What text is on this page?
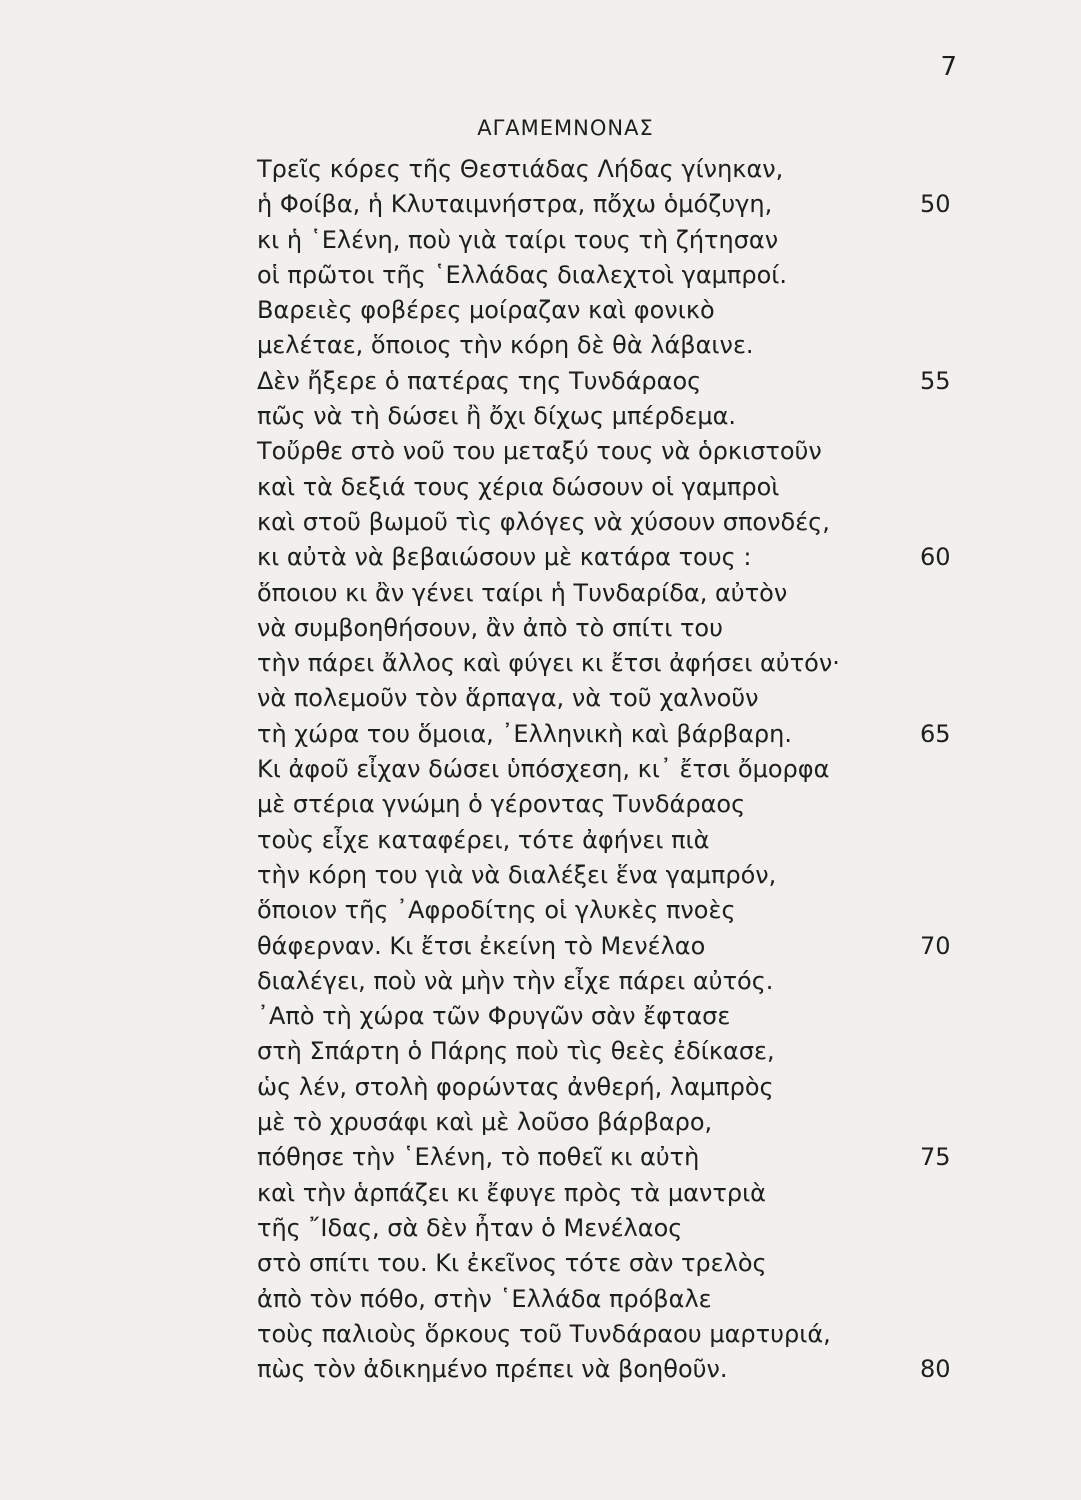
7
ΑΓΑΜΕΜΝΟΝΑΣ
Τρεῖς κόρες τῆς Θεστιάδας Λήδας γίνηκαν,
ἡ Φοίβα, ἡ Κλυταιμνήστρα, πὄχω ὁμόζυγη,	50
κι ἡ ῾Ελένη, ποὺ γιὰ ταίρι τους τὴ ζήτησαν
οἱ πρῶτοι τῆς ῾Ελλάδας διαλεχτοὶ γαμπροί.
Βαρειὲς φοβέρες μοίραζαν καὶ φονικὸ
μελέταε, ὅποιος τὴν κόρη δὲ θὰ λάβαινε.
Δὲν ἤξερε ὁ πατέρας της Τυνδάραος	55
πῶς νὰ τὴ δώσει ἢ ὄχι δίχως μπέρδεμα.
Τοὔρθε στὸ νοῦ του μεταξύ τους νὰ ὁρκιστοῦν
καὶ τὰ δεξιά τους χέρια δώσουν οἱ γαμπροὶ
καὶ στοῦ βωμοῦ τὶς φλόγες νὰ χύσουν σπονδές,
κι αὐτὰ νὰ βεβαιώσουν μὲ κατάρα τους :	60
ὅποιου κι ἂν γένει ταίρι ἡ Τυνδαρίδα, αὐτὸν
νὰ συμβοηθήσουν, ἂν ἀπὸ τὸ σπίτι του
τὴν πάρει ἄλλος καὶ φύγει κι ἔτσι ἀφήσει αὐτόν·
νὰ πολεμοῦν τὸν ἅρπαγα, νὰ τοῦ χαλνοῦν
τὴ χώρα του ὅμοια, ᾿Ελληνικὴ καὶ βάρβαρη.	65
Κι ἀφοῦ εἶχαν δώσει ὑπόσχεση, κι᾿ ἔτσι ὄμορφα
μὲ στέρια γνώμη ὁ γέροντας Τυνδάραος
τοὺς εἶχε καταφέρει, τότε ἀφήνει πιὰ
τὴν κόρη του γιὰ νὰ διαλέξει ἕνα γαμπρόν,
ὅποιον τῆς ᾿Αφροδίτης οἱ γλυκὲς πνοὲς
θάφερναν. Κι ἔτσι ἐκείνη τὸ Μενέλαο	70
διαλέγει, ποὺ νὰ μὴν τὴν εἶχε πάρει αὐτός.
᾿Απὸ τὴ χώρα τῶν Φρυγῶν σὰν ἔφτασε
στὴ Σπάρτη ὁ Πάρης ποὺ τὶς θεὲς ἐδίκασε,
ὡς λέν, στολὴ φορώντας ἀνθερή, λαμπρὸς
μὲ τὸ χρυσάφι καὶ μὲ λοῦσο βάρβαρο,
πόθησε τὴν ῾Ελένη, τὸ ποθεῖ κι αὐτὴ	75
καὶ τὴν ἁρπάζει κι ἔφυγε πρὸς τὰ μαντριὰ
τῆς ῎Ιδας, σὰ δὲν ἦταν ὁ Μενέλαος
στὸ σπίτι του. Κι ἐκεῖνος τότε σὰν τρελὸς
ἀπὸ τὸν πόθο, στὴν ῾Ελλάδα πρόβαλε
τοὺς παλιοὺς ὅρκους τοῦ Τυνδάραου μαρτυριά,
πὼς τὸν ἀδικημένο πρέπει νὰ βοηθοῦν.	80
